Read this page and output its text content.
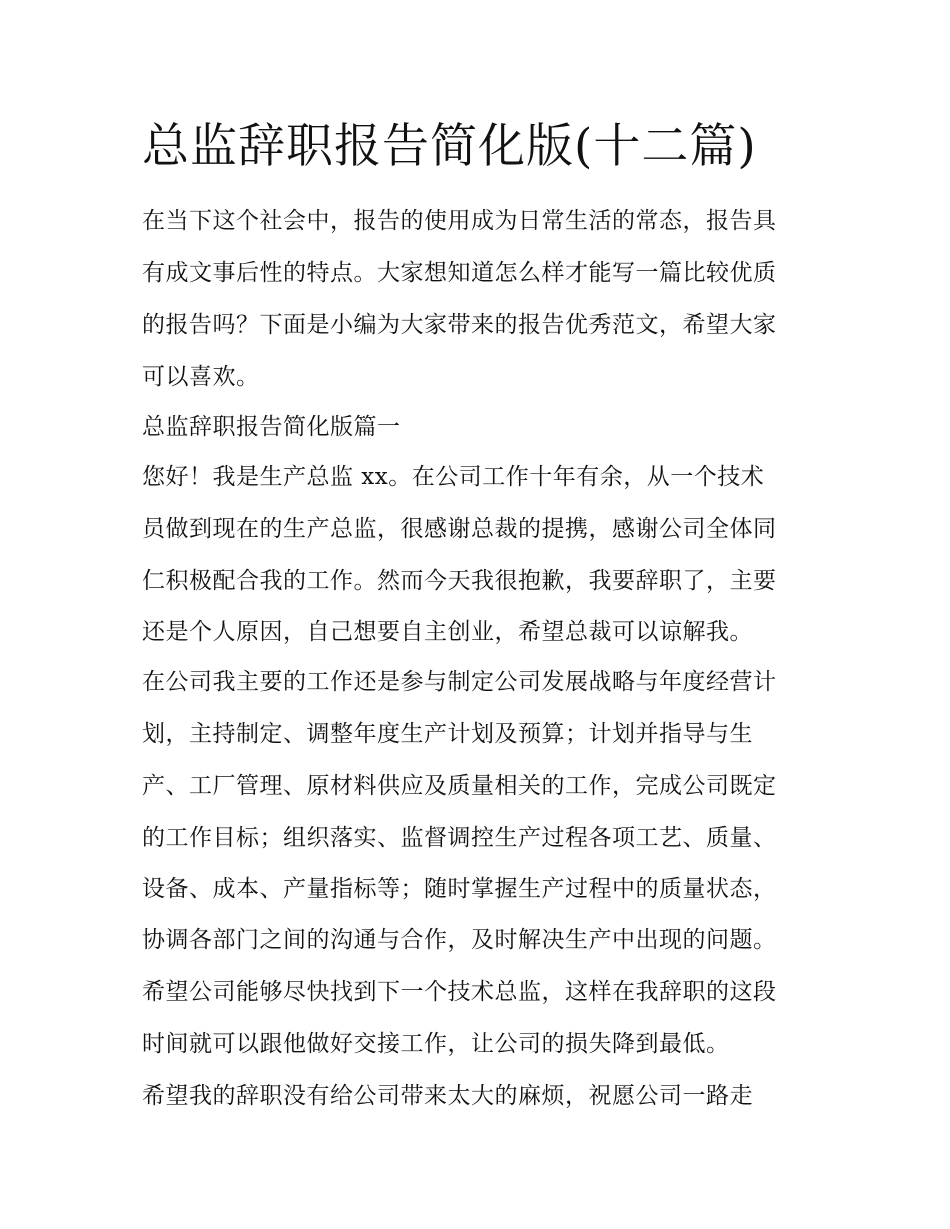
总监辞职报告简化版(十二篇)

在当下这个社会中，报告的使用成为日常生活的常态，报告具

有成文事后性的特点。大家想知道怎么样才能写一篇比较优质

的报告吗？下面是小编为大家带来的报告优秀范文，希望大家

可以喜欢。

总监辞职报告简化版篇一

您好！我是生产总监 xx。在公司工作十年有余，从一个技术

员做到现在的生产总监，很感谢总裁的提携，感谢公司全体同

仁积极配合我的工作。然而今天我很抱歉，我要辞职了，主要

还是个人原因，自己想要自主创业，希望总裁可以谅解我。

在公司我主要的工作还是参与制定公司发展战略与年度经营计

划，主持制定、调整年度生产计划及预算；计划并指导与生

产、工厂管理、原材料供应及质量相关的工作，完成公司既定

的工作目标；组织落实、监督调控生产过程各项工艺、质量、

设备、成本、产量指标等；随时掌握生产过程中的质量状态，

协调各部门之间的沟通与合作，及时解决生产中出现的问题。

希望公司能够尽快找到下一个技术总监，这样在我辞职的这段

时间就可以跟他做好交接工作，让公司的损失降到最低。

希望我的辞职没有给公司带来太大的麻烦，祝愿公司一路走
